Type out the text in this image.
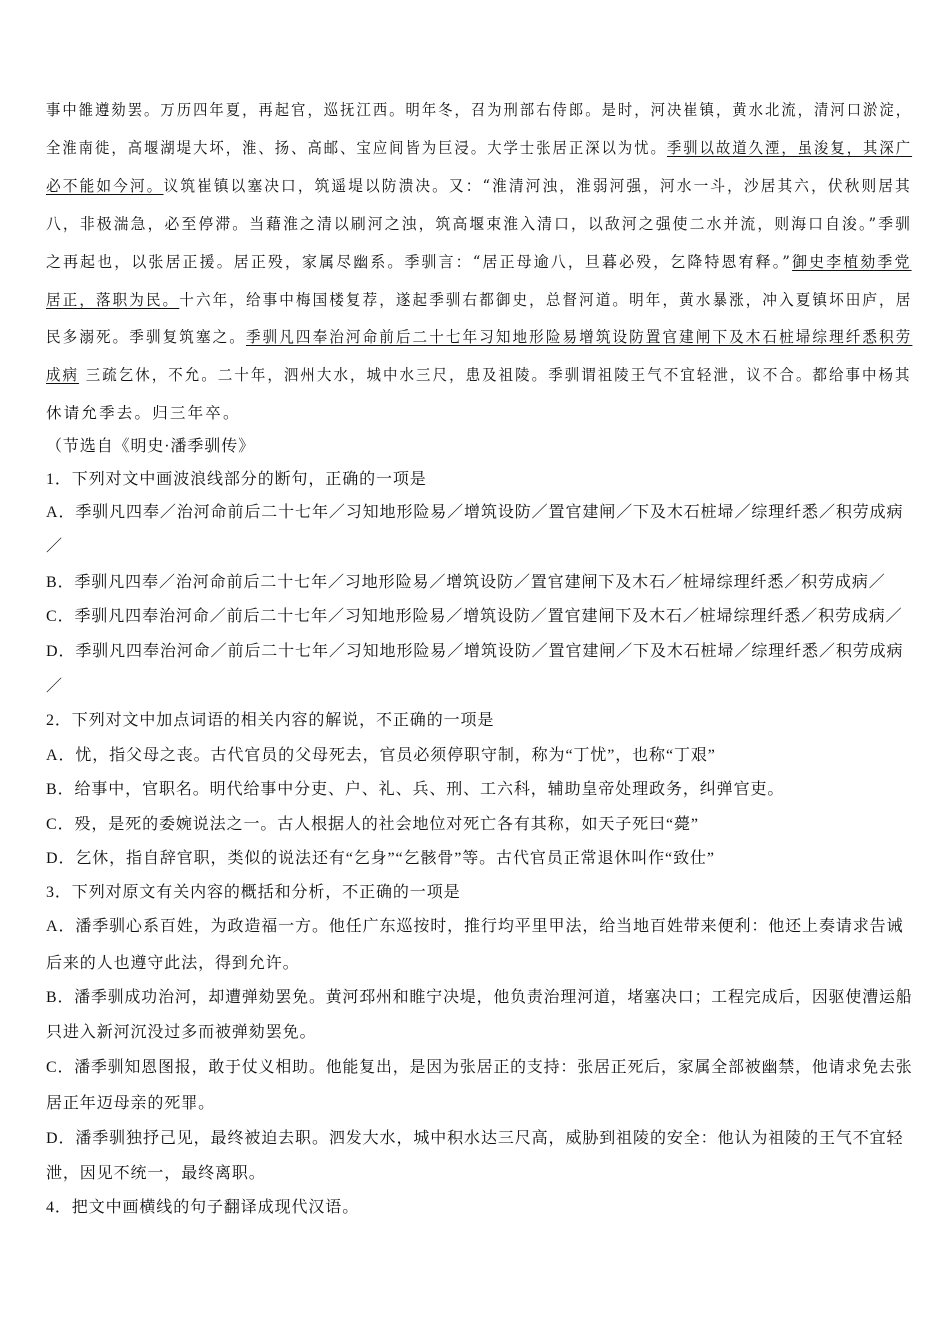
事中雒遵劾罢。万历四年夏，再起官，巡抚江西。明年冬，召为刑部右侍郎。是时，河决崔镇，黄水北流，清河口淤淀，
全淮南徙，高堰湖堤大坏，淮、扬、高邮、宝应间皆为巨浸。大学士张居正深以为忧。季驯以故道久湮，虽浚复，其深广
必不能如今河。议筑崔镇以塞决口，筑遥堤以防溃决。又：“淮清河浊，淮弱河强，河水一斗，沙居其六，伏秋则居其
八，非极湍急，必至停滞。当藉淮之清以刷河之浊，筑高堰束淮入清口，以敌河之强使二水并流，则海口自浚。”季驯
之再起也，以张居正援。居正殁，家属尽幽系。季驯言：“居正母逾八，旦暮必殁，乞降特恩宥释。”御史李植劾季党
居正，落职为民。十六年，给事中梅国楼复荐，遂起季驯右都御史，总督河道。明年，黄水暴涨，冲入夏镇坏田庐，居
民多溺死。季驯复筑塞之。季驯凡四奉治河命前后二十七年习知地形险易增筑设防置官建闸下及木石桩埽综理纤悉积劳
成病 三疏乞休，不允。二十年，泗州大水，城中水三尺，患及祖陵。季驯谓祖陵王气不宜轻泄，议不合。都给事中杨其
休请允季去。归三年卒。
（节选自《明史·潘季驯传》
1．下列对文中画波浪线部分的断句，正确的一项是
A．季驯凡四奉／治河命前后二十七年／习知地形险易／增筑设防／置官建闸／下及木石桩埽／综理纤悉／积劳成病
／
B．季驯凡四奉／治河命前后二十七年／习地形险易／增筑设防／置官建闸下及木石／桩埽综理纤悉／积劳成病／
C．季驯凡四奉治河命／前后二十七年／习知地形险易／增筑设防／置官建闸下及木石／桩埽综理纤悉／积劳成病／
D．季驯凡四奉治河命／前后二十七年／习知地形险易／增筑设防／置官建闸／下及木石桩埽／综理纤悉／积劳成病
／
2．下列对文中加点词语的相关内容的解说，不正确的一项是
A．忧，指父母之丧。古代官员的父母死去，官员必须停职守制，称为“丁忧”，也称“丁艰”
B．给事中，官职名。明代给事中分吏、户、礼、兵、刑、工六科，辅助皇帝处理政务，纠弹官吏。
C．殁，是死的委婉说法之一。古人根据人的社会地位对死亡各有其称，如天子死曰“薨”
D．乞休，指自辞官职，类似的说法还有“乞身”“乞骸骨”等。古代官员正常退休叫作“致仕”
3．下列对原文有关内容的概括和分析，不正确的一项是
A．潘季驯心系百姓，为政造福一方。他任广东巡按时，推行均平里甲法，给当地百姓带来便利：他还上奏请求告诫
后来的人也遵守此法，得到允许。
B．潘季驯成功治河，却遭弹劾罢免。黄河邳州和睢宁决堤，他负责治理河道，堵塞决口；工程完成后，因驱使漕运船
只进入新河沉没过多而被弹劾罢免。
C．潘季驯知恩图报，敢于仗义相助。他能复出，是因为张居正的支持：张居正死后，家属全部被幽禁，他请求免去张
居正年迈母亲的死罪。
D．潘季驯独抒己见，最终被迫去职。泗发大水，城中积水达三尺高，威胁到祖陵的安全：他认为祖陵的王气不宜轻
泄，因见不统一，最终离职。
4．把文中画横线的句子翻译成现代汉语。
